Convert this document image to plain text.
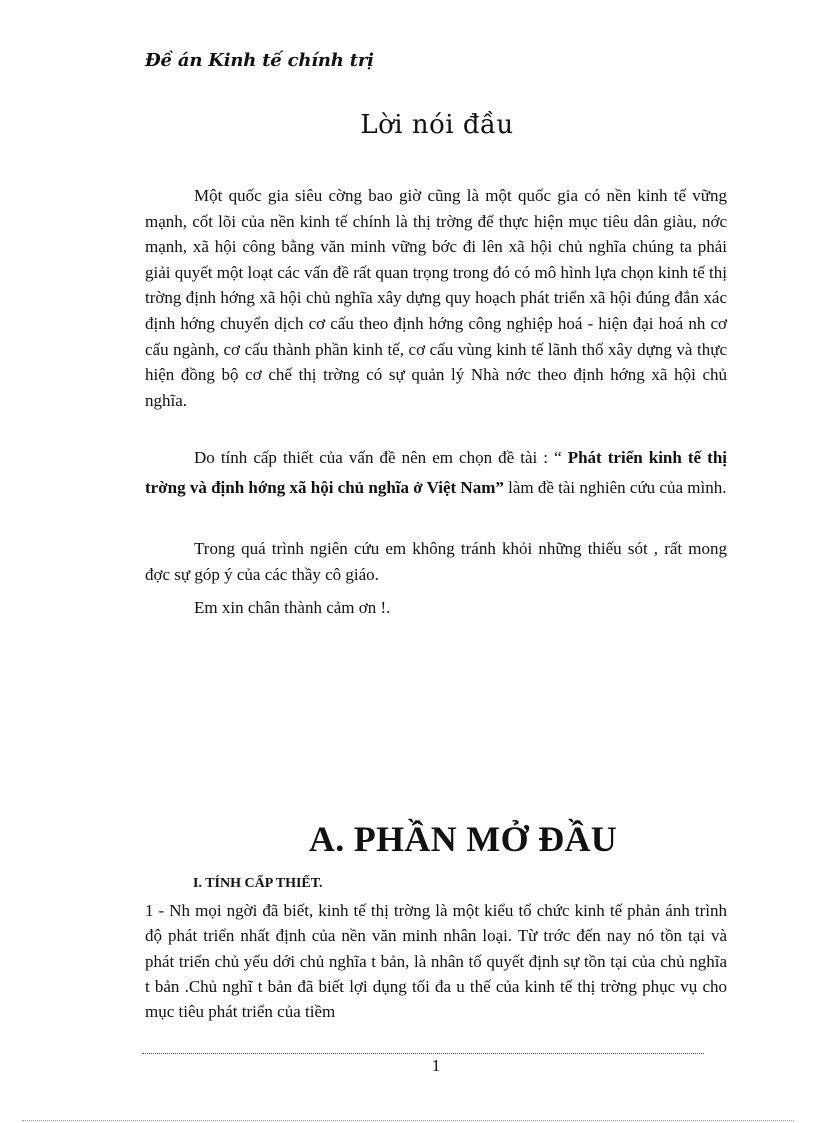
Đề án Kinh tế chính trị
Lời nói đầu

Một quốc gia siêu cờng bao giờ cũng là một quốc gia có nền kinh tế vững mạnh, cốt lõi của nền kinh tế chính là thị trờng để thực hiện mục tiêu dân giàu, nớc mạnh, xã hội công bằng văn minh vững bớc đi lên xã hội chủ nghĩa chúng ta phải giải quyết một loạt các vấn đề rất quan trọng trong đó có mô hình lựa chọn kinh tế thị trờng định hớng xã hội chủ nghĩa xây dựng quy hoạch phát triển xã hội đúng đắn xác định hớng chuyển dịch cơ cấu theo định hớng công nghiệp hoá - hiện đại hoá nh cơ cấu ngành, cơ cấu thành phần kinh tế, cơ cấu vùng kinh tế lãnh thổ xây dựng và thực hiện đồng bộ cơ chế thị trờng có sự quản lý Nhà nớc theo định hớng xã hội chủ nghĩa.

Do tính cấp thiết của vấn đề nên em chọn đề tài : “ Phát triển kinh tế thị trờng và định hớng xã hội chủ nghĩa ở Việt Nam” làm đề tài nghiên cứu của mình.

Trong quá trình ngiên cứu em không tránh khỏi những thiếu sót , rất mong đợc sự góp ý của các thầy cô giáo.

Em xin chân thành cảm ơn !.

A. PHẦN MỞ ĐẦU
I. TÍNH CẤP THIẾT.

1 - Nh mọi ngời đã biết, kinh tế thị trờng là một kiểu tổ chức kinh tế phản ánh trình độ phát triển nhất định của nền văn minh nhân loại. Từ trớc đến nay nó tồn tại và phát triển chủ yếu dới chủ nghĩa t bản, là nhân tố quyết định sự tồn tại của chủ nghĩa t bản .Chủ nghĩ t bản đã biết lợi dụng tối đa u thế của kinh tế thị trờng phục vụ cho mục tiêu phát triển của tiềm

1
